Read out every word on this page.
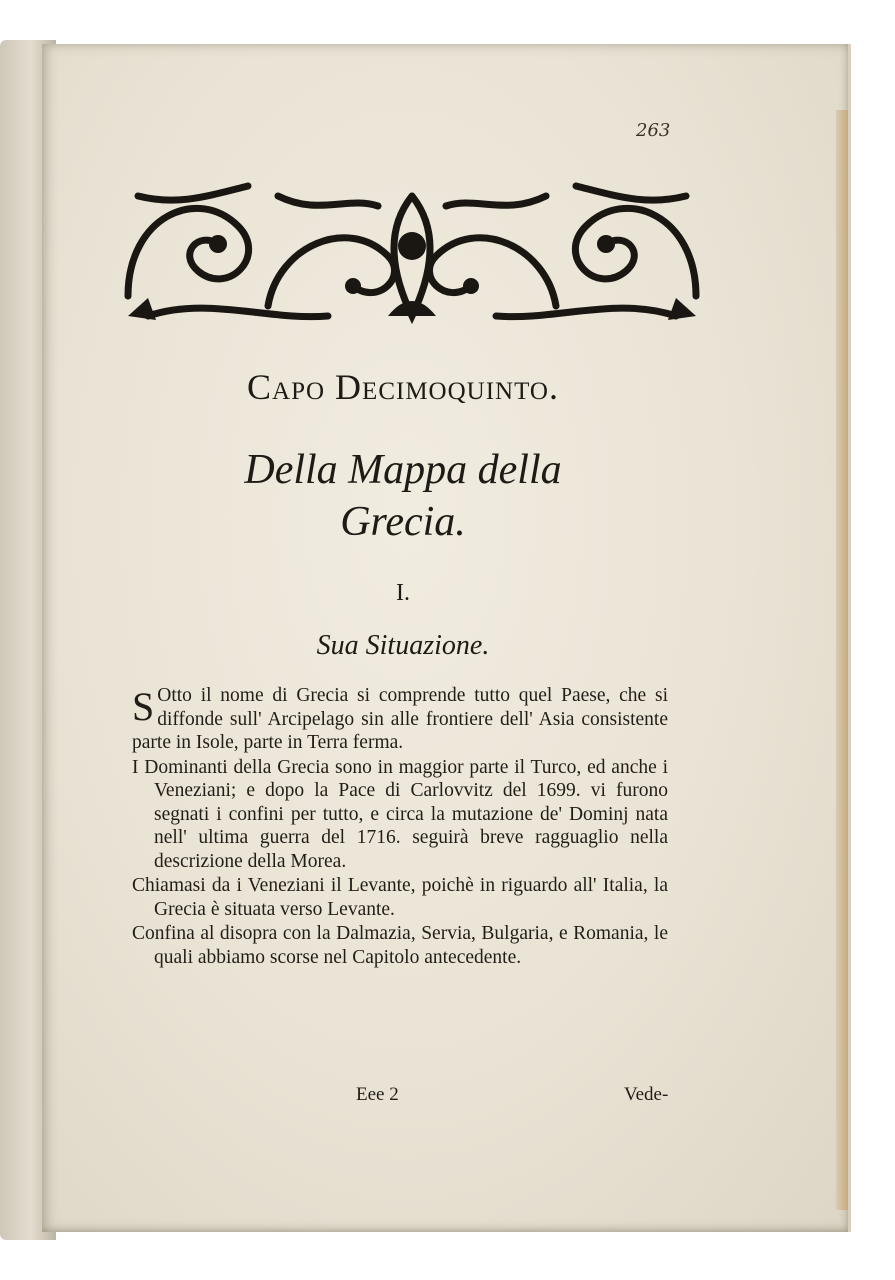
263
Capo Decimoquinto.
Della Mappa della
Grecia.
I.
Sua Situazione.

S Otto il nome di Grecia si comprende tutto quel Paese, che si diffonde sull' Arcipelago sin alle frontiere dell' Asia consistente parte in Isole, parte in Terra ferma.

I Dominanti della Grecia sono in maggior parte il Turco, ed anche i Veneziani; e dopo la Pace di Carlovvitz del 1699. vi furono segnati i confini per tutto, e circa la mutazione de' Dominj nata nell' ultima guerra del 1716. seguirà breve ragguaglio nella descrizione della Morea.

Chiamasi da i Veneziani il Levante, poichè in riguardo all' Italia, la Grecia è situata verso Levante.

Confina al disopra con la Dalmazia, Servia, Bulgaria, e Romania, le quali abbiamo scorse nel Capitolo antecedente.

Eee 2	Vede-
